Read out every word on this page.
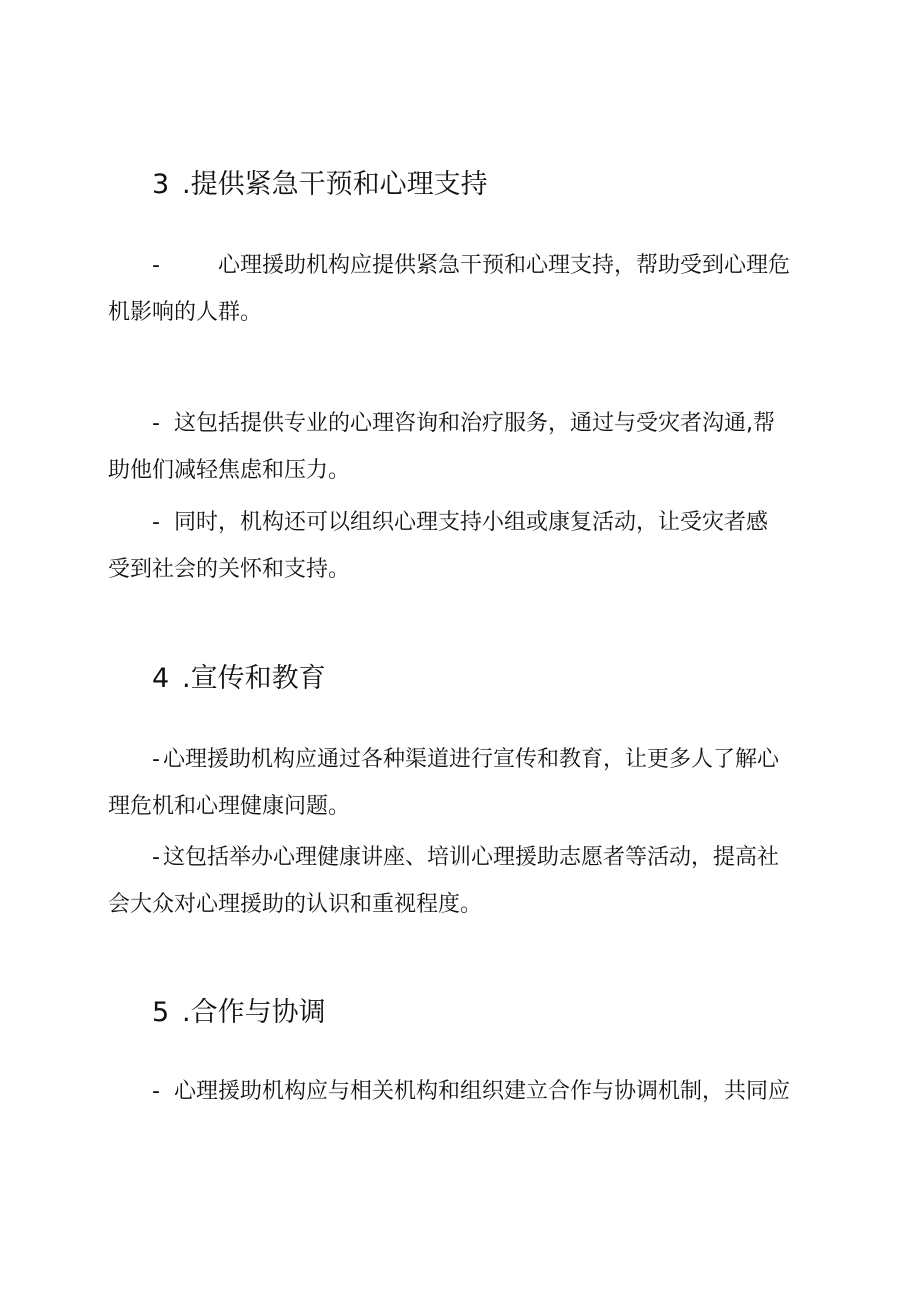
3 .提供紧急干预和心理支持
-	心理援助机构应提供紧急干预和心理支持，帮助受到心理危
机影响的人群。
- 这包括提供专业的心理咨询和治疗服务，通过与受灾者沟通,帮
助他们减轻焦虑和压力。
- 同时，机构还可以组织心理支持小组或康复活动，让受灾者感
受到社会的关怀和支持。
4 .宣传和教育
- 心理援助机构应通过各种渠道进行宣传和教育，让更多人了解心
理危机和心理健康问题。
- 这包括举办心理健康讲座、培训心理援助志愿者等活动，提高社
会大众对心理援助的认识和重视程度。
5 .合作与协调
- 心理援助机构应与相关机构和组织建立合作与协调机制，共同应
